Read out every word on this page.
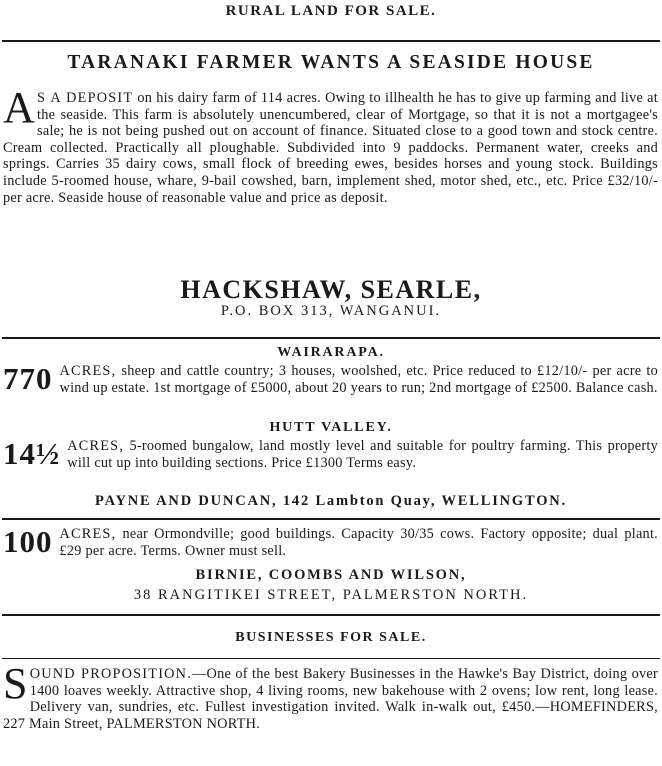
RURAL LAND FOR SALE.
TARANAKI FARMER WANTS A SEASIDE HOUSE
A S A DEPOSIT on his dairy farm of 114 acres. Owing to illhealth he has to give up farming and live at the seaside. This farm is absolutely unencumbered, clear of Mortgage, so that it is not a mortgagee's sale; he is not being pushed out on account of finance. Situated close to a good town and stock centre. Cream collected. Practically all ploughable. Subdivided into 9 paddocks. Permanent water, creeks and springs. Carries 35 dairy cows, small flock of breeding ewes, besides horses and young stock. Buildings include 5-roomed house, whare, 9-bail cowshed, barn, implement shed, motor shed, etc., etc. Price £32/10/- per acre. Seaside house of reasonable value and price as deposit.
HACKSHAW, SEARLE,
P.O. BOX 313, WANGANUI.
WAIRARAPA.
770 ACRES, sheep and cattle country; 3 houses, woolshed, etc. Price reduced to £12/10/- per acre to wind up estate. 1st mortgage of £5000, about 20 years to run; 2nd mortgage of £2500. Balance cash.
HUTT VALLEY.
14½ ACRES, 5-roomed bungalow, land mostly level and suitable for poultry farming. This property will cut up into building sections. Price £1300 Terms easy.
PAYNE AND DUNCAN, 142 Lambton Quay, WELLINGTON.
100 ACRES, near Ormondville; good buildings. Capacity 30/35 cows. Factory opposite; dual plant. £29 per acre. Terms. Owner must sell.
BIRNIE, COOMBS AND WILSON,
38 RANGITIKEI STREET, PALMERSTON NORTH.
BUSINESSES FOR SALE.
SOUND PROPOSITION.—One of the best Bakery Businesses in the Hawke's Bay District, doing over 1400 loaves weekly. Attractive shop, 4 living rooms, new bakehouse with 2 ovens; low rent, long lease. Delivery van, sundries, etc. Fullest investigation invited. Walk in-walk out, £450.—HOMEFINDERS, 227 Main Street, PALMERSTON NORTH.
